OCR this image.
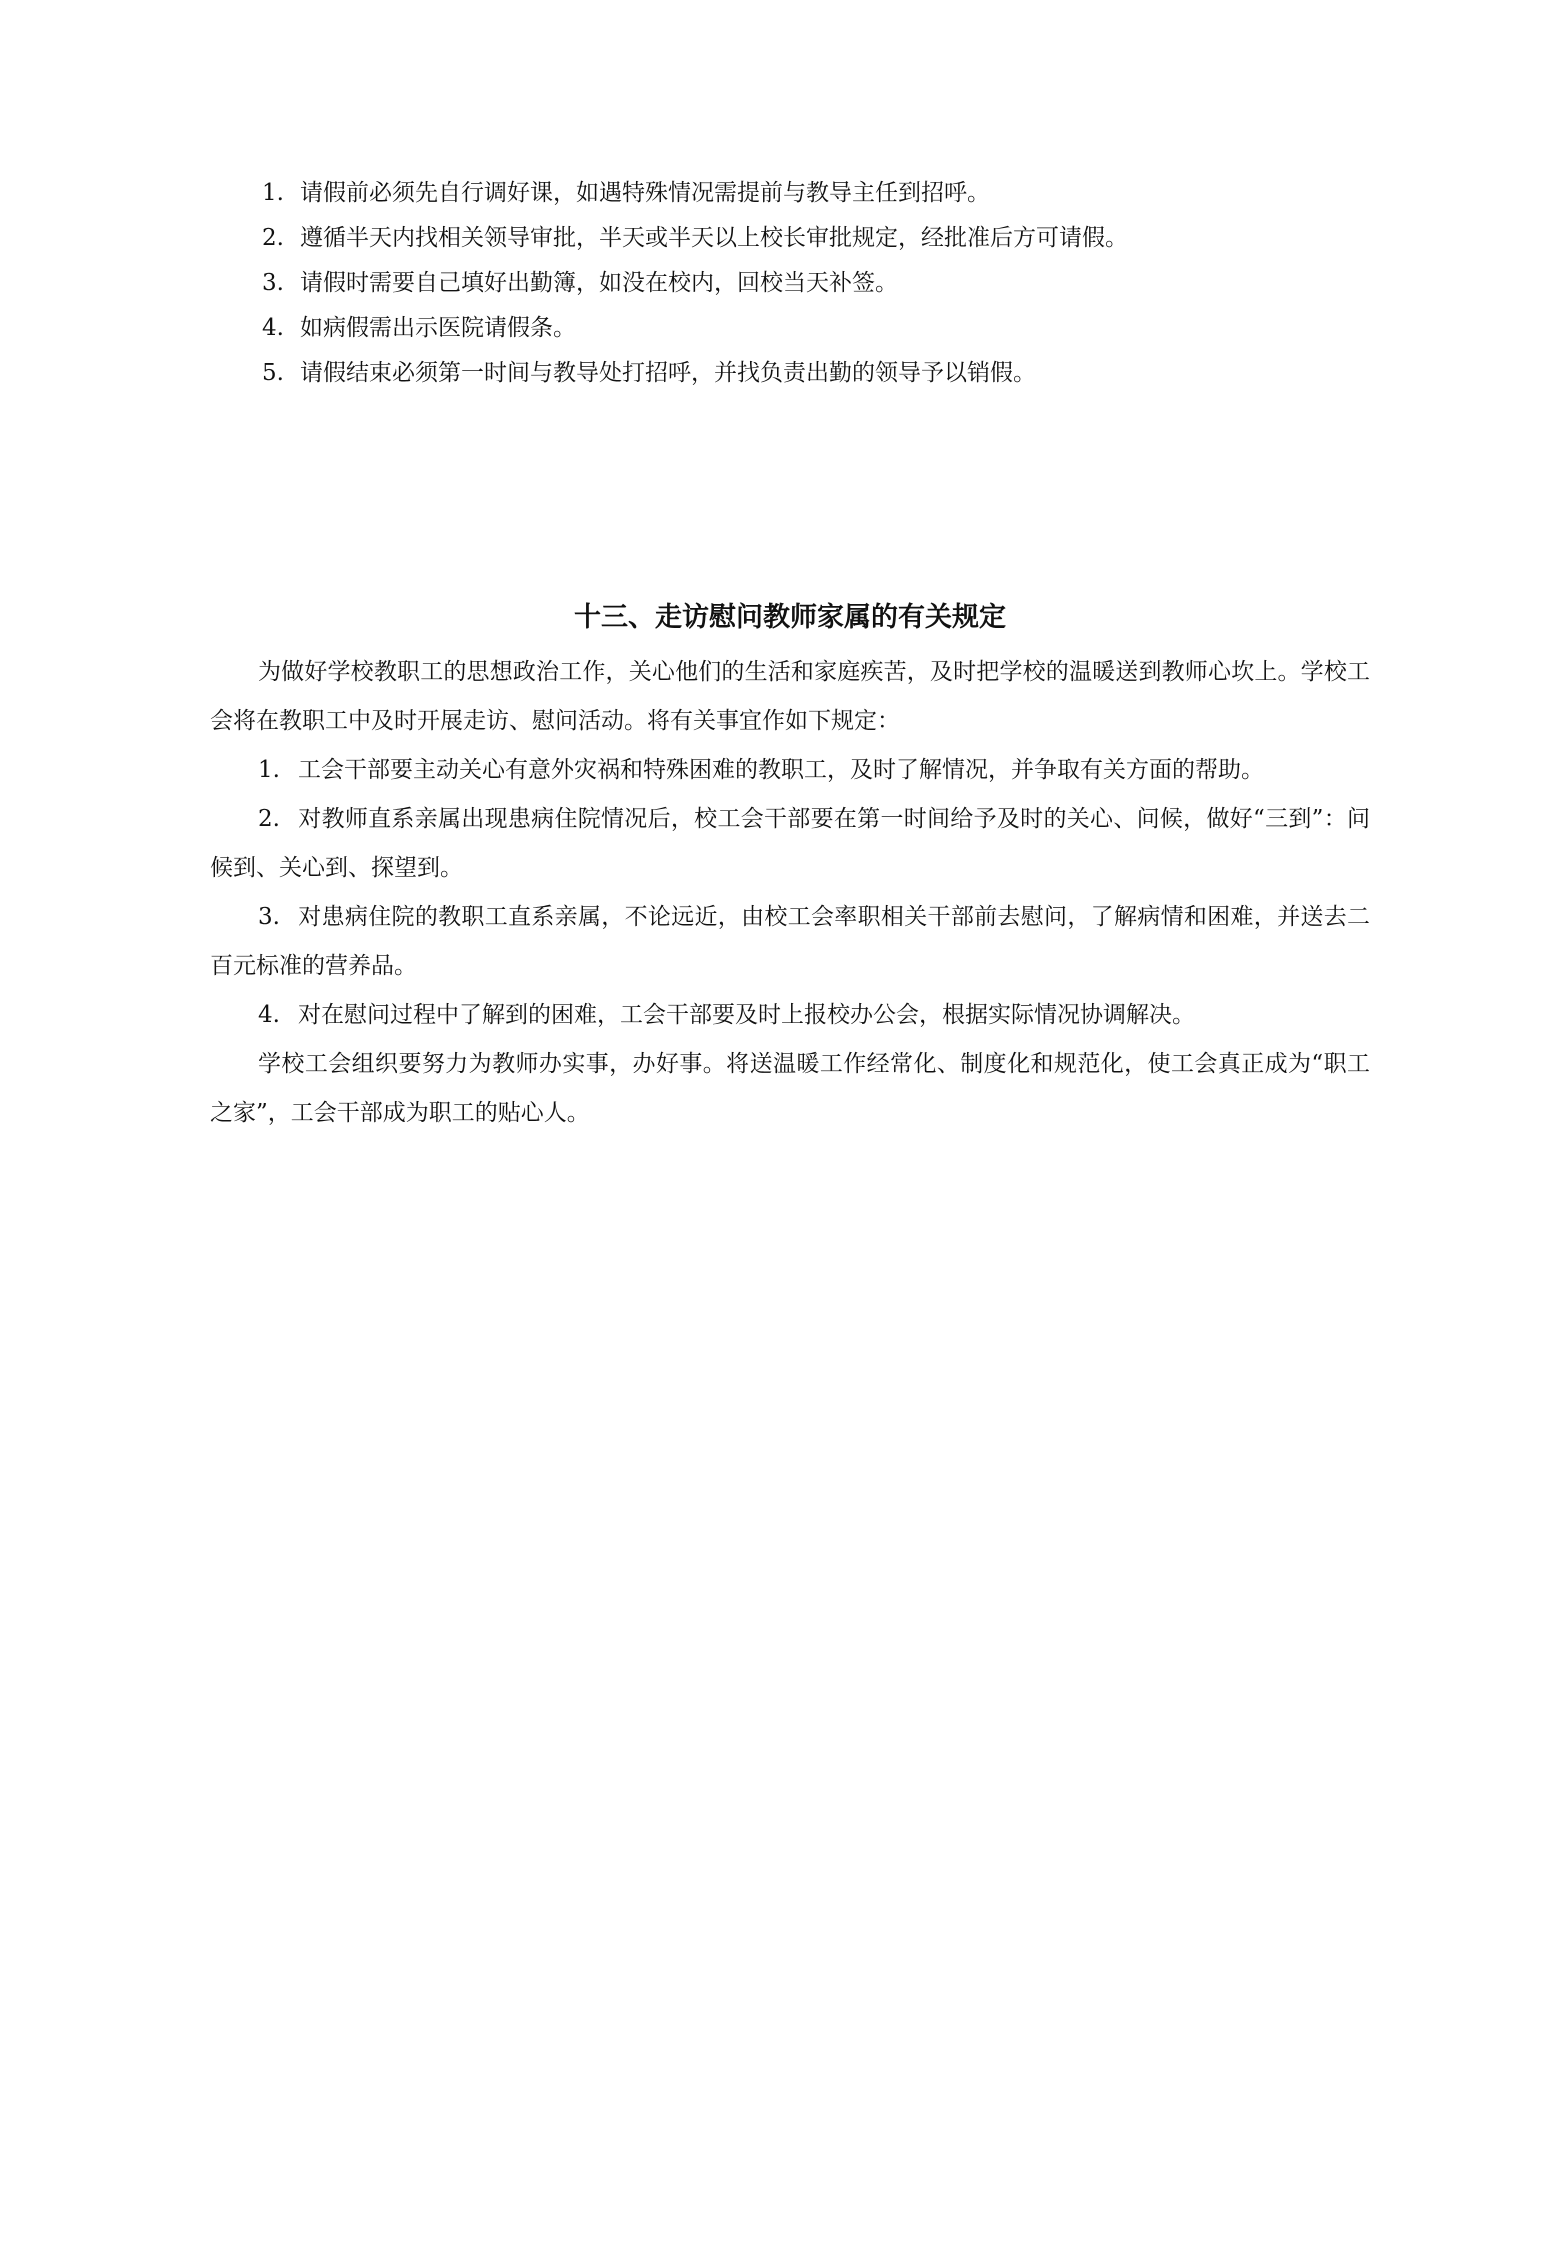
1. 请假前必须先自行调好课，如遇特殊情况需提前与教导主任到招呼。
2. 遵循半天内找相关领导审批，半天或半天以上校长审批规定，经批准后方可请假。
3. 请假时需要自己填好出勤簿，如没在校内，回校当天补签。
4. 如病假需出示医院请假条。
5. 请假结束必须第一时间与教导处打招呼，并找负责出勤的领导予以销假。
十三、走访慰问教师家属的有关规定

为做好学校教职工的思想政治工作，关心他们的生活和家庭疾苦，及时把学校的温暖送到教师心坎上。学校工会将在教职工中及时开展走访、慰问活动。将有关事宜作如下规定：

1. 工会干部要主动关心有意外灾祸和特殊困难的教职工，及时了解情况，并争取有关方面的帮助。

2. 对教师直系亲属出现患病住院情况后，校工会干部要在第一时间给予及时的关心、问候，做好“三到”：问候到、关心到、探望到。

3. 对患病住院的教职工直系亲属，不论远近，由校工会率职相关干部前去慰问，了解病情和困难，并送去二百元标准的营养品。

4. 对在慰问过程中了解到的困难，工会干部要及时上报校办公会，根据实际情况协调解决。

学校工会组织要努力为教师办实事，办好事。将送温暖工作经常化、制度化和规范化，使工会真正成为“职工之家”，工会干部成为职工的贴心人。
